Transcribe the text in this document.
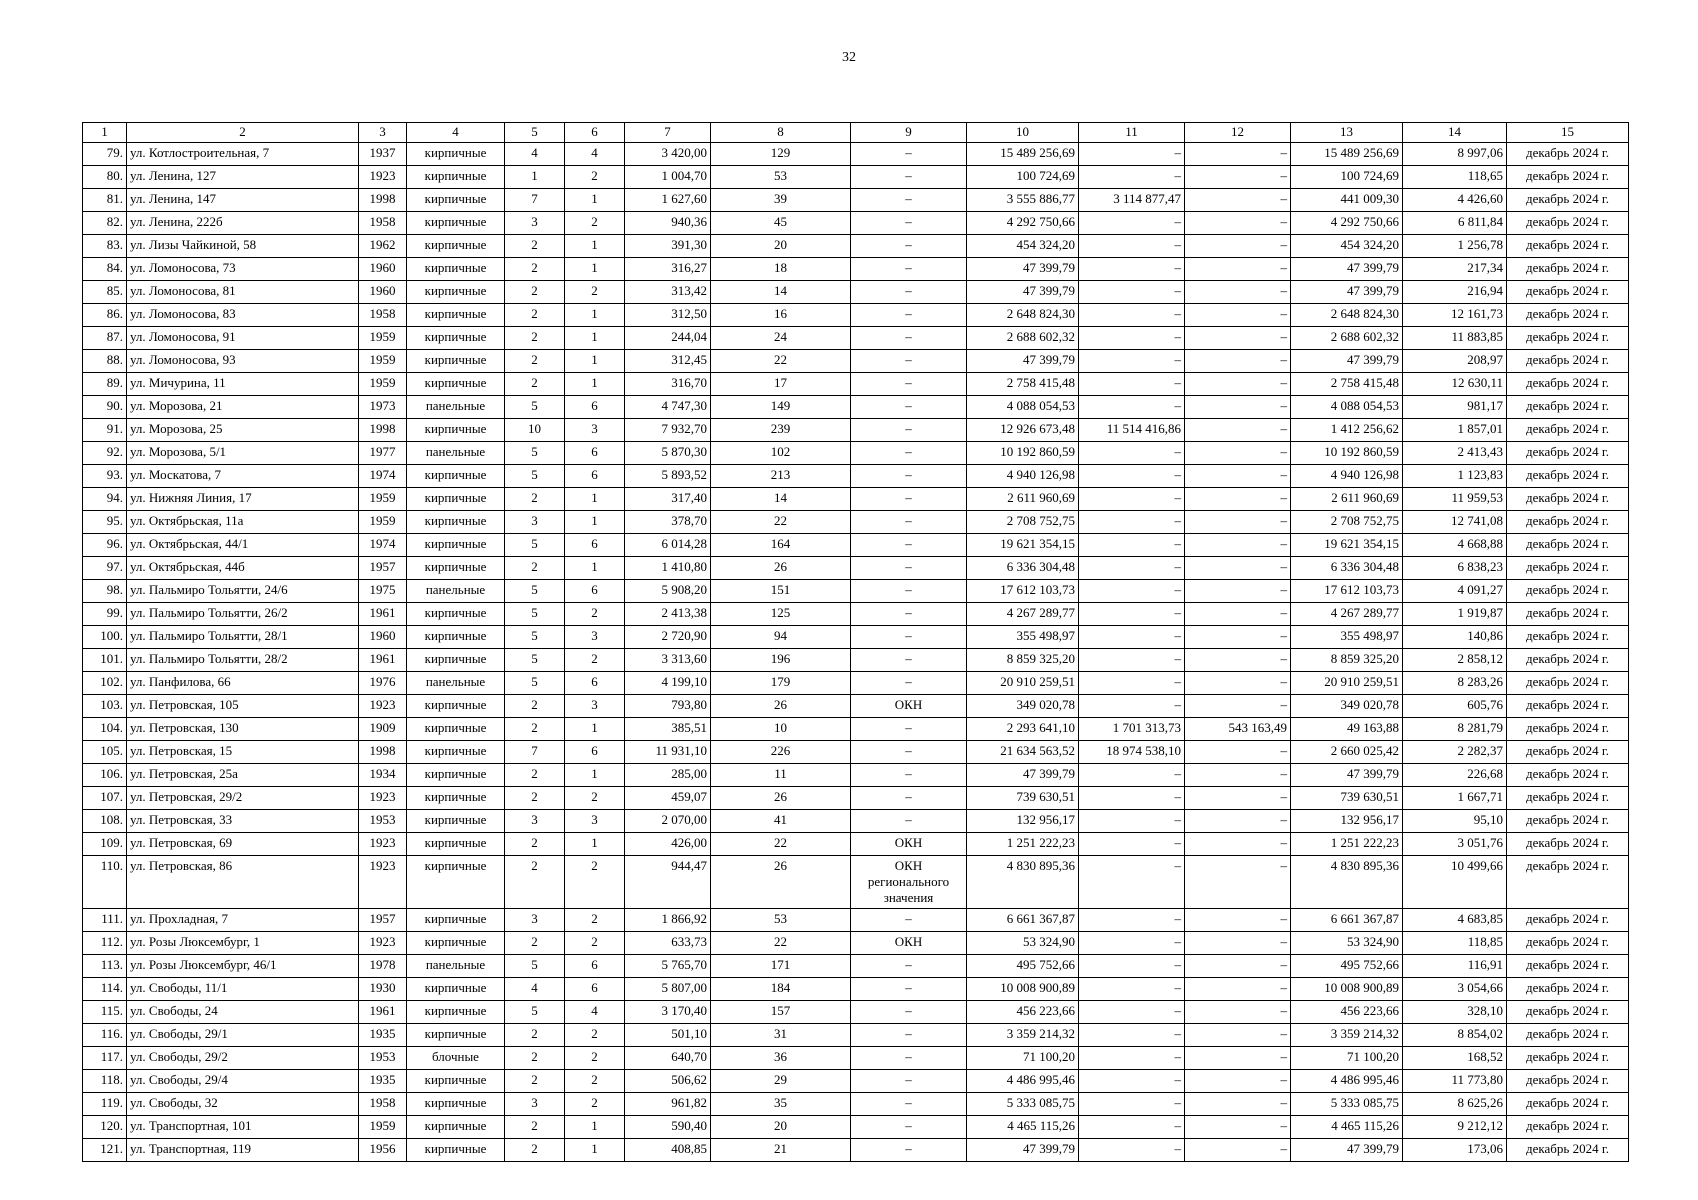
32
1	2	3	4	5	6	7	8	9	10	11	12	13	14	15
79.	ул. Котлостроительная, 7	1937	кирпичные	4	4	3 420,00	129	–	15 489 256,69	–	–	15 489 256,69	8 997,06	декабрь 2024 г.
80.	ул. Ленина, 127	1923	кирпичные	1	2	1 004,70	53	–	100 724,69	–	–	100 724,69	118,65	декабрь 2024 г.
81.	ул. Ленина, 147	1998	кирпичные	7	1	1 627,60	39	–	3 555 886,77	3 114 877,47	–	441 009,30	4 426,60	декабрь 2024 г.
82.	ул. Ленина, 222б	1958	кирпичные	3	2	940,36	45	–	4 292 750,66	–	–	4 292 750,66	6 811,84	декабрь 2024 г.
83.	ул. Лизы Чайкиной, 58	1962	кирпичные	2	1	391,30	20	–	454 324,20	–	–	454 324,20	1 256,78	декабрь 2024 г.
84.	ул. Ломоносова, 73	1960	кирпичные	2	1	316,27	18	–	47 399,79	–	–	47 399,79	217,34	декабрь 2024 г.
85.	ул. Ломоносова, 81	1960	кирпичные	2	2	313,42	14	–	47 399,79	–	–	47 399,79	216,94	декабрь 2024 г.
86.	ул. Ломоносова, 83	1958	кирпичные	2	1	312,50	16	–	2 648 824,30	–	–	2 648 824,30	12 161,73	декабрь 2024 г.
87.	ул. Ломоносова, 91	1959	кирпичные	2	1	244,04	24	–	2 688 602,32	–	–	2 688 602,32	11 883,85	декабрь 2024 г.
88.	ул. Ломоносова, 93	1959	кирпичные	2	1	312,45	22	–	47 399,79	–	–	47 399,79	208,97	декабрь 2024 г.
89.	ул. Мичурина, 11	1959	кирпичные	2	1	316,70	17	–	2 758 415,48	–	–	2 758 415,48	12 630,11	декабрь 2024 г.
90.	ул. Морозова, 21	1973	панельные	5	6	4 747,30	149	–	4 088 054,53	–	–	4 088 054,53	981,17	декабрь 2024 г.
91.	ул. Морозова, 25	1998	кирпичные	10	3	7 932,70	239	–	12 926 673,48	11 514 416,86	–	1 412 256,62	1 857,01	декабрь 2024 г.
92.	ул. Морозова, 5/1	1977	панельные	5	6	5 870,30	102	–	10 192 860,59	–	–	10 192 860,59	2 413,43	декабрь 2024 г.
93.	ул. Москатова, 7	1974	кирпичные	5	6	5 893,52	213	–	4 940 126,98	–	–	4 940 126,98	1 123,83	декабрь 2024 г.
94.	ул. Нижняя Линия, 17	1959	кирпичные	2	1	317,40	14	–	2 611 960,69	–	–	2 611 960,69	11 959,53	декабрь 2024 г.
95.	ул. Октябрьская, 11а	1959	кирпичные	3	1	378,70	22	–	2 708 752,75	–	–	2 708 752,75	12 741,08	декабрь 2024 г.
96.	ул. Октябрьская, 44/1	1974	кирпичные	5	6	6 014,28	164	–	19 621 354,15	–	–	19 621 354,15	4 668,88	декабрь 2024 г.
97.	ул. Октябрьская, 44б	1957	кирпичные	2	1	1 410,80	26	–	6 336 304,48	–	–	6 336 304,48	6 838,23	декабрь 2024 г.
98.	ул. Пальмиро Тольятти, 24/6	1975	панельные	5	6	5 908,20	151	–	17 612 103,73	–	–	17 612 103,73	4 091,27	декабрь 2024 г.
99.	ул. Пальмиро Тольятти, 26/2	1961	кирпичные	5	2	2 413,38	125	–	4 267 289,77	–	–	4 267 289,77	1 919,87	декабрь 2024 г.
100.	ул. Пальмиро Тольятти, 28/1	1960	кирпичные	5	3	2 720,90	94	–	355 498,97	–	–	355 498,97	140,86	декабрь 2024 г.
101.	ул. Пальмиро Тольятти, 28/2	1961	кирпичные	5	2	3 313,60	196	–	8 859 325,20	–	–	8 859 325,20	2 858,12	декабрь 2024 г.
102.	ул. Панфилова, 66	1976	панельные	5	6	4 199,10	179	–	20 910 259,51	–	–	20 910 259,51	8 283,26	декабрь 2024 г.
103.	ул. Петровская, 105	1923	кирпичные	2	3	793,80	26	ОКН	349 020,78	–	–	349 020,78	605,76	декабрь 2024 г.
104.	ул. Петровская, 130	1909	кирпичные	2	1	385,51	10	–	2 293 641,10	1 701 313,73	543 163,49	49 163,88	8 281,79	декабрь 2024 г.
105.	ул. Петровская, 15	1998	кирпичные	7	6	11 931,10	226	–	21 634 563,52	18 974 538,10	–	2 660 025,42	2 282,37	декабрь 2024 г.
106.	ул. Петровская, 25а	1934	кирпичные	2	1	285,00	11	–	47 399,79	–	–	47 399,79	226,68	декабрь 2024 г.
107.	ул. Петровская, 29/2	1923	кирпичные	2	2	459,07	26	–	739 630,51	–	–	739 630,51	1 667,71	декабрь 2024 г.
108.	ул. Петровская, 33	1953	кирпичные	3	3	2 070,00	41	–	132 956,17	–	–	132 956,17	95,10	декабрь 2024 г.
109.	ул. Петровская, 69	1923	кирпичные	2	1	426,00	22	ОКН	1 251 222,23	–	–	1 251 222,23	3 051,76	декабрь 2024 г.
110.	ул. Петровская, 86	1923	кирпичные	2	2	944,47	26	ОКН регионального значения	4 830 895,36	–	–	4 830 895,36	10 499,66	декабрь 2024 г.
111.	ул. Прохладная, 7	1957	кирпичные	3	2	1 866,92	53	–	6 661 367,87	–	–	6 661 367,87	4 683,85	декабрь 2024 г.
112.	ул. Розы Люксембург, 1	1923	кирпичные	2	2	633,73	22	ОКН	53 324,90	–	–	53 324,90	118,85	декабрь 2024 г.
113.	ул. Розы Люксембург, 46/1	1978	панельные	5	6	5 765,70	171	–	495 752,66	–	–	495 752,66	116,91	декабрь 2024 г.
114.	ул. Свободы, 11/1	1930	кирпичные	4	6	5 807,00	184	–	10 008 900,89	–	–	10 008 900,89	3 054,66	декабрь 2024 г.
115.	ул. Свободы, 24	1961	кирпичные	5	4	3 170,40	157	–	456 223,66	–	–	456 223,66	328,10	декабрь 2024 г.
116.	ул. Свободы, 29/1	1935	кирпичные	2	2	501,10	31	–	3 359 214,32	–	–	3 359 214,32	8 854,02	декабрь 2024 г.
117.	ул. Свободы, 29/2	1953	блочные	2	2	640,70	36	–	71 100,20	–	–	71 100,20	168,52	декабрь 2024 г.
118.	ул. Свободы, 29/4	1935	кирпичные	2	2	506,62	29	–	4 486 995,46	–	–	4 486 995,46	11 773,80	декабрь 2024 г.
119.	ул. Свободы, 32	1958	кирпичные	3	2	961,82	35	–	5 333 085,75	–	–	5 333 085,75	8 625,26	декабрь 2024 г.
120.	ул. Транспортная, 101	1959	кирпичные	2	1	590,40	20	–	4 465 115,26	–	–	4 465 115,26	9 212,12	декабрь 2024 г.
121.	ул. Транспортная, 119	1956	кирпичные	2	1	408,85	21	–	47 399,79	–	–	47 399,79	173,06	декабрь 2024 г.
